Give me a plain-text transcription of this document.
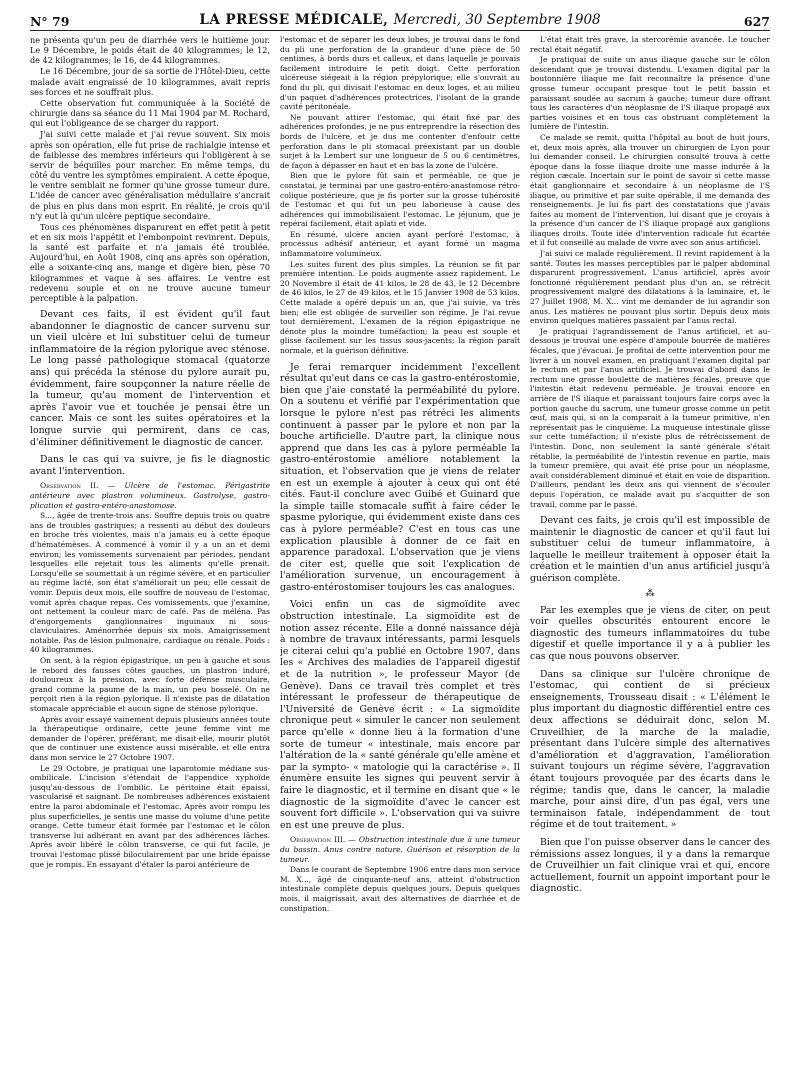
N° 79	LA PRESSE MÉDICALE, Mercredi, 30 Septembre 1908	627

ne présenta qu'un peu de diarrhée vers le huitième jour. Le 9 Décembre, le poids était de 40 kilogrammes; le 12, de 42 kilogrammes; le 16, de 44 kilogrammes.

Le 16 Décembre, jour de sa sortie de l'Hôtel-Dieu, cette malade avait engraissé de 10 kilogrammes, avait repris ses forces et ne souffrait plus.

Cette observation fut communiquée à la Société de chirurgie dans sa séance du 11 Mai 1904 par M. Rochard, qui eut l'obligeance de se charger du rapport.

J'ai suivi cette malade et j'ai revue souvent. Six mois après son opération, elle fut prise de rachialgie intense et de faiblesse des membres inférieurs qui l'obligèrent à se servir de béquilles pour marcher. En même temps, du côté du ventre les symptômes empiraient. A cette époque, le ventre semblait ne former qu'une grosse tumeur dure. L'idée de cancer avec généralisation médullaire s'ancrait de plus en plus dans mon esprit. En réalité, je crois qu'il n'y eut là qu'un ulcère peptique secondaire.

Tous ces phénomènes disparurent en effet petit à petit et en six mois l'appétit et l'embonpoint revinrent. Depuis, la santé est parfaite et n'a jamais été troublée. Aujourd'hui, en Août 1908, cinq ans après son opération, elle a soixante-cinq ans, mange et digère bien, pèse 70 kilogrammes et vaque à ses affaires. Le ventre est redevenu souple et on ne trouve aucune tumeur perceptible à la palpation.

Devant ces faits, il est évident qu'il faut abandonner le diagnostic de cancer survenu sur un vieil ulcère et lui substituer celui de tumeur inflammatoire de la région pylorique avec sténose. Le long passé pathologique stomacal (quatorze ans) qui précéda la sténose du pylore aurait pu, évidemment, faire soupçonner la nature réelle de la tumeur, qu'au moment de l'intervention et après l'avoir vue et touchée je pensai être un cancer. Mais ce sont les suites opératoires et la longue survie qui permirent, dans ce cas, d'éliminer définitivement le diagnostic de cancer.

Dans le cas qui va suivre, je fis le diagnostic avant l'intervention.

Observation II. — Ulcère de l'estomac. Périgastrite antérieure avec plastron volumineux. Gastrolyse, gastro-plication et gastro-entéro-anastomose.

S..., âgée de trente-trois ans. Souffre depuis trois ou quatre ans de troubles gastriques; a ressenti au début des douleurs en broche très violentes, mais n'a jamais eu à cette époque d'hématémèses. A commencé à vomir il y a un an et demi environ; les vomissements survenaient par périodes, pendant lesquelles elle rejetait tous les aliments qu'elle prenait. Lorsqu'elle se soumettait à un régime sévère, et en particulier au régime lacté, son état s'améliorait un peu; elle cessait de vomir. Depuis deux mois, elle souffre de nouveau de l'estomac, vomit après chaque repas. Ces vomissements, que j'examine, ont nettement la couleur marc de café. Pas de méléna. Pas d'engorgements ganglionnaires inguinaux ni sous-claviculaires. Aménorrhée depuis six mois. Amaigrissement notable. Pas de lésion pulmonaire, cardiaque ou rénale. Poids : 40 kilogrammes.

On sent, à la région épigastrique, un peu à gauche et sous le rebord des fausses côtes gauches, un plastron induré, douloureux à la pression, avec forte défense musculaire, grand comme la paume de la main, un peu bosselé. On ne perçoit rien à la région pylorique. Il n'existe pas de dilatation stomacale appréciable et aucun signe de sténose pylorique.

Après avoir essayé vainement depuis plusieurs années toute la thérapeutique ordinaire, cette jeune femme vint me demander de l'opérer, préférant, me disait-elle, mourir plutôt que de continuer une existence aussi misérable, et elle entra dans mon service le 27 Octobre 1907.

Le 29 Octobre, je pratiquai une laparotomie médiane sus-ombilicale. L'incision s'étendait de l'appendice xyphoïde jusqu'au-dessous de l'ombilic. Le péritoine était épaissi, vascularisé et saignant. De nombreuses adhérences existaient entre la paroi abdominale et l'estomac. Après avoir rompu les plus superficielles, je sentis une masse du volume d'une petite orange. Cette tumeur était formée par l'estomac et le côlon transverse lui adhérant en avant par des adhérences lâches. Après avoir libéré le côlon transverse, ce qui fut facile, je trouvai l'estomac plissé biloculairement par une bride épaisse que je rompis. En essayant d'étaler la paroi antérieure de

l'estomac et de séparer les deux lobes, je trouvai dans le fond du pli une perforation de la grandeur d'une pièce de 50 centimes, à bords durs et calleux, et dans laquelle je pouvais facilement introduire le petit doigt. Cette perforation ulcéreuse siégeait à la région prépylorique; elle s'ouvrait au fond du pli, qui divisait l'estomac en deux loges, et au milieu d'un paquet d'adhérences protectrices, l'isolant de la grande cavité péritonéale.

Ne pouvant attirer l'estomac, qui était fixé par des adhérences profondes, je ne pus entreprendre la résection des bords de l'ulcère, et je dus me contenter d'enfouir cette perforation dans le pli stomacal préexistant par un double surjet à la Lembert sur une longueur de 5 ou 6 centimètres, de façon à dépasser en haut et en bas la zone de l'ulcère.

Bien que le pylore fût sain et perméable, ce que je constatai, je terminai par une gastro-entéro-anastomose rétro-colique postérieure, que je fis porter sur la grosse tubérosité de l'estomac et qui fut un peu laborieuse à cause des adhérences qui immobilisaient l'estomac. Le jéjunum, que je repérai facilement, était aplati et vide.

En résumé, ulcère ancien ayant perforé l'estomac, à processus adhésif antérieur, et ayant formé un magma inflammatoire volumineux.

Les suites furent des plus simples. La réunion se fit par première intention. Le poids augmente assez rapidement. Le 20 Novembre il était de 41 kilos, le 28 de 43, le 12 Décembre de 46 kilos, le 27 de 49 kilos, et le 15 Janvier 1908 de 53 kilos. Cette malade a opéré depuis un an, que j'ai suivie, va très bien; elle est obligée de surveiller son régime. Je l'ai revue tout dernièrement. L'examen de la région épigastrique ne dénote plus la moindre tuméfaction; la peau est souple et glisse facilement sur les tissus sous-jacents; la région paraît normale, et la guérison définitive.

Je ferai remarquer incidemment l'excellent résultat qu'eut dans ce cas la gastro-entérostomie, bien que j'aie constaté la perméabilité du pylore. On a soutenu et vérifié par l'expérimentation que lorsque le pylore n'est pas rétréci les aliments continuent à passer par le pylore et non par la bouche artificielle. D'autre part, la clinique nous apprend que dans les cas à pylore perméable la gastro-entérostomie améliore notablement la situation, et l'observation que je viens de relater en est un exemple à ajouter à ceux qui ont été cités. Faut-il conclure avec Guibé et Guinard que la simple taille stomacale suffit à faire céder le spasme pylorique, qui évidemment existe dans ces cas à pylore perméable? C'est en tous cas une explication plausible à donner de ce fait en apparence paradoxal. L'observation que je viens de citer est, quelle que soit l'explication de l'amélioration survenue, un encouragement à gastro-entérostomiser toujours les cas analogues.

Voici enfin un cas de sigmoïdite avec obstruction intestinale. La sigmoïdite est de notion assez récente. Elle a donné naissance déjà à nombre de travaux intéressants, parmi lesquels je citerai celui qu'a publié en Octobre 1907, dans les « Archives des maladies de l'appareil digestif et de la nutrition », le professeur Mayor (de Genève). Dans ce travail très complet et très intéressant le professeur de thérapeutique de l'Université de Genève écrit : « La sigmoïdite chronique peut « simuler le cancer non seulement parce qu'elle « donne lieu à la formation d'une sorte de tumeur « intestinale, mais encore par l'altération de la « santé générale qu'elle amène et par la sympto- « matologie qui la caractérise ». Il énumère ensuite les signes qui peuvent servir à faire le diagnostic, et il termine en disant que « le diagnostic de la sigmoïdite d'avec le cancer est souvent fort difficile ». L'observation qui va suivre en est une preuve de plus.

Observation III. — Obstruction intestinale due à une tumeur du bassin. Anus contre nature. Guérison et résorption de la tumeur.

Dans le courant de Septembre 1906 entre dans mon service M. X..., âgé de cinquante-neuf ans, atteint d'obstruction intestinale complète depuis quelques jours. Depuis quelques mois, il maigrissait, avait des alternatives de diarrhée et de constipation.

L'état était très grave, la stercorémie avancée. Le toucher rectal était négatif.

Je pratiquai de suite un anus iliaque gauche sur le côlon descendant que je trouvai distendu. L'examen digital par la boutonnière iliaque me fait reconnaître la présence d'une grosse tumeur occupant presque tout le petit bassin et paraissant soudée au sacrum à gauche; tumeur dure offrant tous les caractères d'un néoplasme de l'S iliaque propagé aux parties voisines et en tous cas obstruant complètement la lumière de l'intestin.

Ce malade se remit, quitta l'hôpital au bout de huit jours, et, deux mois après, alla trouver un chirurgien de Lyon pour lui demander conseil. Le chirurgien consulté trouva à cette époque dans la fosse iliaque droite une masse indurée à la région cæcale. Incertain sur le point de savoir si cette masse était ganglionnaire et secondaire à un néoplasme de l'S iliaque, ou primitive et par suite opérable, il me demanda des renseignements. Je lui fis part des constatations que j'avais faites au moment de l'intervention, lui disant que je croyais à la présence d'un cancer de l'S iliaque propagé aux ganglions iliaques droits. Toute idée d'intervention radicale fut écartée et il fut conseillé au malade de vivre avec son anus artificiel.

J'ai suivi ce malade régulièrement. Il revint rapidement à la santé. Toutes les masses perceptibles par le palper abdominal disparurent progressivement. L'anus artificiel, après avoir fonctionné régulièrement pendant plus d'un an, se rétrécit progressivement malgré des dilatations à la laminaire, et, le 27 Juillet 1908, M. X... vint me demander de lui agrandir son anus. Les matières ne pouvant plus sortir. Depuis deux mois environ quelques matières passaient par l'anus rectal.

Je pratiquai l'agrandissement de l'anus artificiel, et au-dessous je trouvai une espèce d'ampoule bourrée de matières fécales, que j'évacuai. Je profitai de cette intervention pour me livrer à un nouvel examen, en pratiquant l'examen digital par le rectum et par l'anus artificiel. Je trouvai d'abord dans le rectum une grosse boulette de matières fécales, preuve que l'intestin était redevenu perméable. Je trouvai encore en arrière de l'S iliaque et paraissant toujours faire corps avec la portion gauche du sacrum, une tumeur grosse comme un petit œuf, mais qui, si on la comparait à la tumeur primitive, n'en représentait pas le cinquième. La muqueuse intestinale glisse sur cette tuméfaction; il n'existe plus de rétrécissement de l'intestin. Donc, non seulement la santé générale s'était rétablie, la perméabilité de l'intestin revenue en partie, mais la tumeur première, qui avait été prise pour un néoplasme, avait considérablement diminué et était en voie de disparition. D'ailleurs, pendant les deux ans qui viennent de s'écouler depuis l'opération, ce malade avait pu s'acquitter de son travail, comme par le passé.

Devant ces faits, je crois qu'il est impossible de maintenir le diagnostic de cancer et qu'il faut lui substituer celui de tumeur inflammatoire, à laquelle le meilleur traitement à opposer était la création et le maintien d'un anus artificiel jusqu'à guérison complète.

⁂

Par les exemples que je viens de citer, on peut voir quelles obscurités entourent encore le diagnostic des tumeurs inflammatoires du tube digestif et quelle importance il y a à publier les cas que nous pouvons observer.

Dans sa clinique sur l'ulcère chronique de l'estomac, qui contient de si précieux enseignements, Trousseau disait : « L'élément le plus important du diagnostic différentiel entre ces deux affections se déduirait donc, selon M. Cruveilhier, de la marche de la maladie, présentant dans l'ulcère simple des alternatives d'amélioration et d'aggravation, l'amélioration suivant toujours un régime sévère, l'aggravation étant toujours provoquée par des écarts dans le régime; tandis que, dans le cancer, la maladie marche, pour ainsi dire, d'un pas égal, vers une terminaison fatale, indépendamment de tout régime et de tout traitement. »

Bien que l'on puisse observer dans le cancer des rémissions assez longues, il y a dans la remarque de Cruveilhier un fait clinique vrai et qui, encore actuellement, fournit un appoint important pour le diagnostic.
